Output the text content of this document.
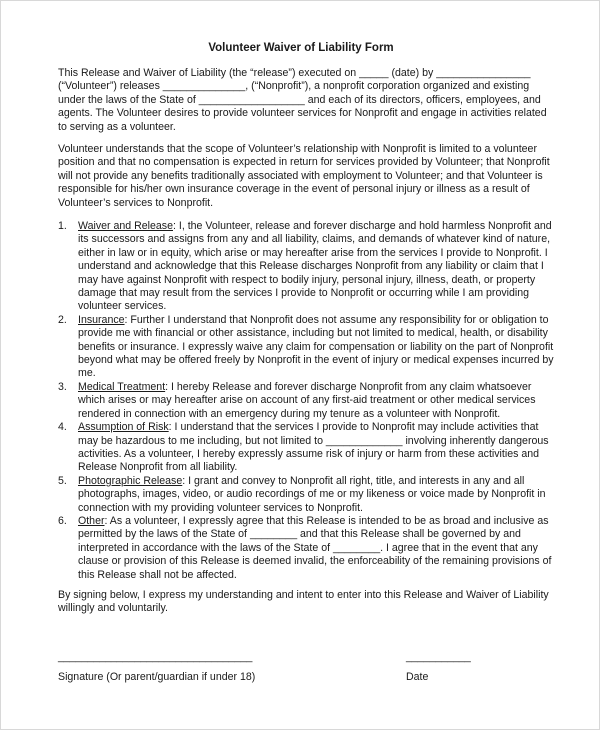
Volunteer Waiver of Liability Form

This Release and Waiver of Liability (the “release”) executed on _____ (date) by ________________ (“Volunteer”) releases ______________, (“Nonprofit”), a nonprofit corporation organized and existing under the laws of the State of __________________ and each of its directors, officers, employees, and agents. The Volunteer desires to provide volunteer services for Nonprofit and engage in activities related to serving as a volunteer.

Volunteer understands that the scope of Volunteer’s relationship with Nonprofit is limited to a volunteer position and that no compensation is expected in return for services provided by Volunteer; that Nonprofit will not provide any benefits traditionally associated with employment to Volunteer; and that Volunteer is responsible for his/her own insurance coverage in the event of personal injury or illness as a result of Volunteer’s services to Nonprofit.

1. Waiver and Release: I, the Volunteer, release and forever discharge and hold harmless Nonprofit and its successors and assigns from any and all liability, claims, and demands of whatever kind of nature, either in law or in equity, which arise or may hereafter arise from the services I provide to Nonprofit. I understand and acknowledge that this Release discharges Nonprofit from any liability or claim that I may have against Nonprofit with respect to bodily injury, personal injury, illness, death, or property damage that may result from the services I provide to Nonprofit or occurring while I am providing volunteer services.
2. Insurance: Further I understand that Nonprofit does not assume any responsibility for or obligation to provide me with financial or other assistance, including but not limited to medical, health, or disability benefits or insurance. I expressly waive any claim for compensation or liability on the part of Nonprofit beyond what may be offered freely by Nonprofit in the event of injury or medical expenses incurred by me.
3. Medical Treatment: I hereby Release and forever discharge Nonprofit from any claim whatsoever which arises or may hereafter arise on account of any first-aid treatment or other medical services rendered in connection with an emergency during my tenure as a volunteer with Nonprofit.
4. Assumption of Risk: I understand that the services I provide to Nonprofit may include activities that may be hazardous to me including, but not limited to _____________ involving inherently dangerous activities. As a volunteer, I hereby expressly assume risk of injury or harm from these activities and Release Nonprofit from all liability.
5. Photographic Release: I grant and convey to Nonprofit all right, title, and interests in any and all photographs, images, video, or audio recordings of me or my likeness or voice made by Nonprofit in connection with my providing volunteer services to Nonprofit.
6. Other: As a volunteer, I expressly agree that this Release is intended to be as broad and inclusive as permitted by the laws of the State of ________ and that this Release shall be governed by and interpreted in accordance with the laws of the State of ________. I agree that in the event that any clause or provision of this Release is deemed invalid, the enforceability of the remaining provisions of this Release shall not be affected.

By signing below, I express my understanding and intent to enter into this Release and Waiver of Liability willingly and voluntarily.

_________________________________	___________
Signature (Or parent/guardian if under 18)	Date
